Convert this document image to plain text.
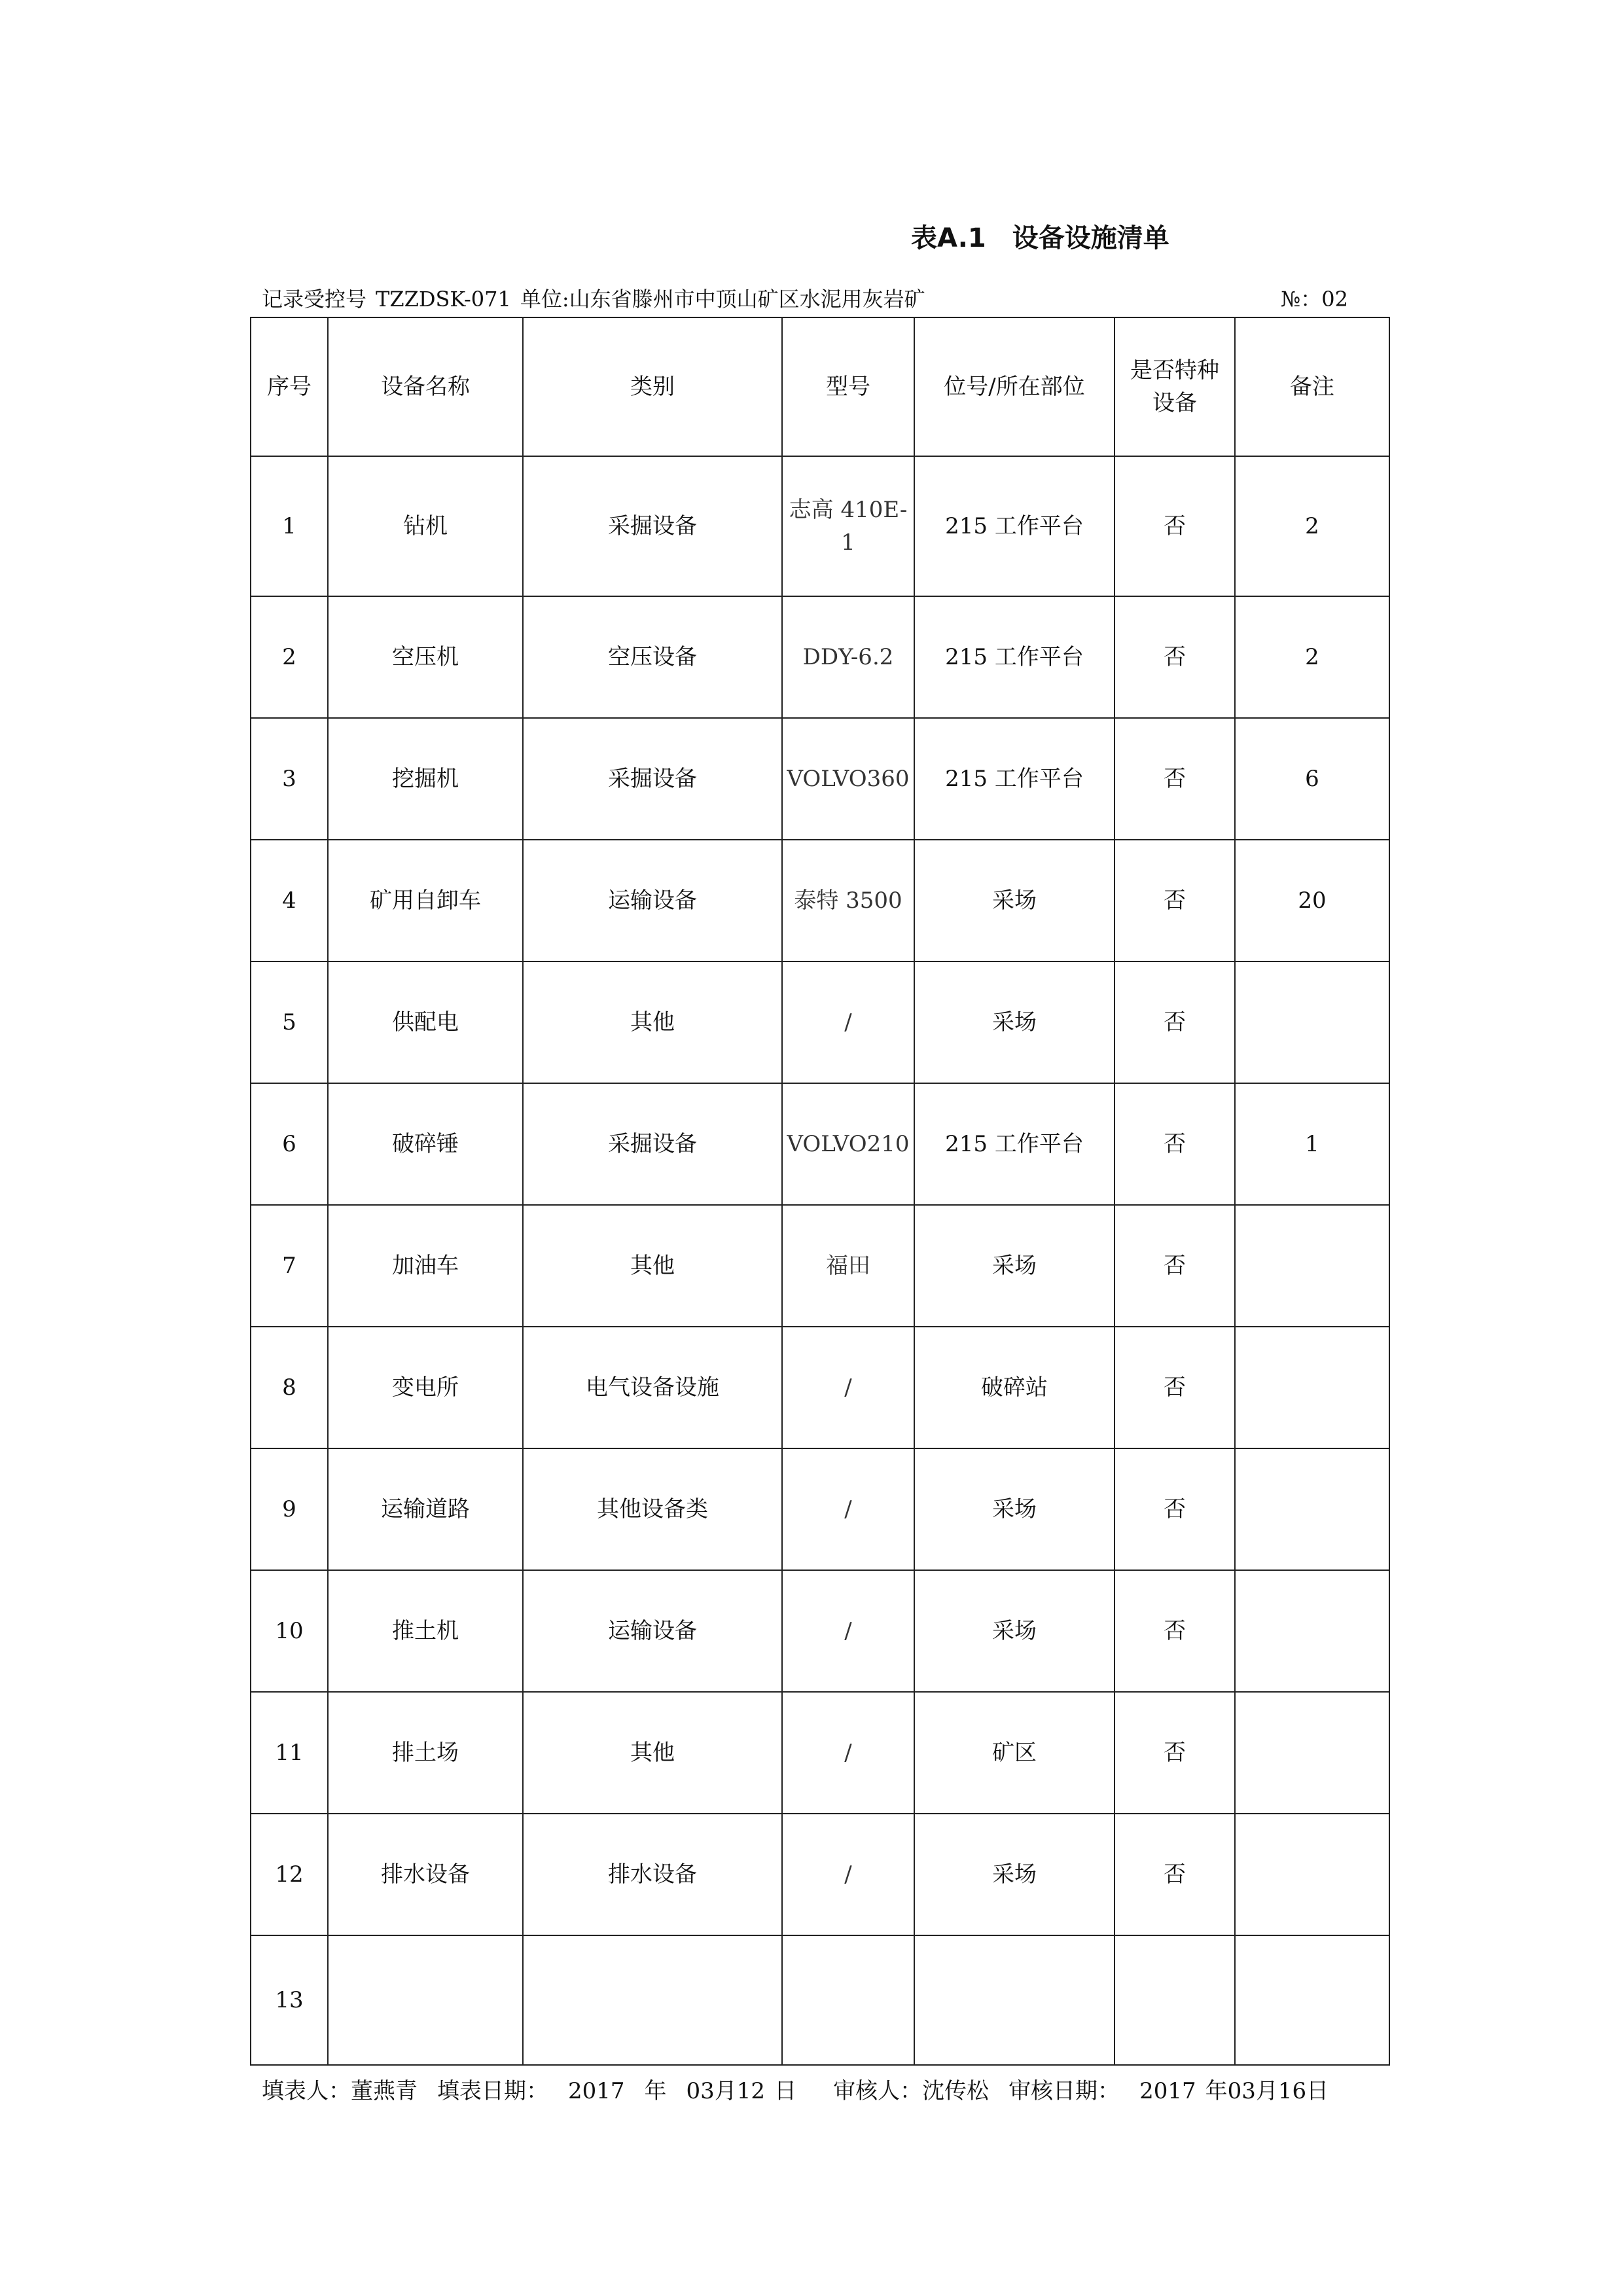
表A.1 设备设施清单
记录受控号 TZZDSK-071 单位:山东省滕州市中顶山矿区水泥用灰岩矿	№：02
序号	设备名称	类别	型号	位号/所在部位	是否特种设备	备注
1	钻机	采掘设备	志高 410E-1	215 工作平台	否	2
2	空压机	空压设备	DDY-6.2	215 工作平台	否	2
3	挖掘机	采掘设备	VOLVO360	215 工作平台	否	6
4	矿用自卸车	运输设备	泰特 3500	采场	否	20
5	供配电	其他	/	采场	否	
6	破碎锤	采掘设备	VOLVO210	215 工作平台	否	1
7	加油车	其他	福田	采场	否	
8	变电所	电气设备设施	/	破碎站	否	
9	运输道路	其他设备类	/	采场	否	
10	推土机	运输设备	/	采场	否	
11	排土场	其他	/	矿区	否	
12	排水设备	排水设备	/	采场	否	
13						
填表人：董燕青 填表日期： 2017 年 03月12 日 审核人：沈传松 审核日期： 2017 年03月16日
